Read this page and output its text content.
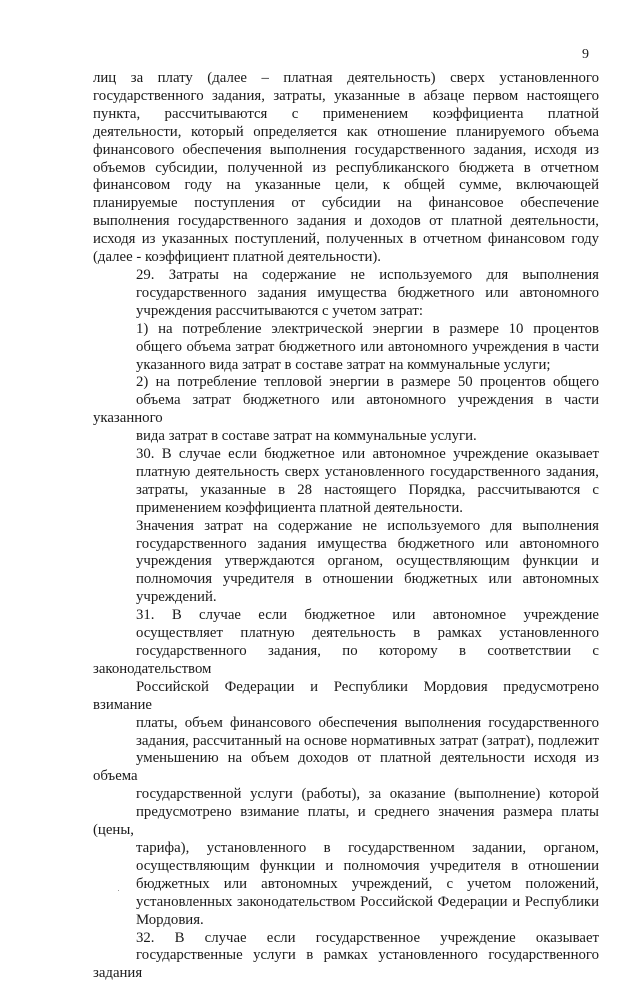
9
лиц за плату (далее – платная деятельность) сверх установленного
государственного задания, затраты, указанные в абзаце первом настоящего
пункта, рассчитываются с применением коэффициента платной
деятельности, который определяется как отношение планируемого объема
финансового обеспечения выполнения государственного задания, исходя из
объемов субсидии, полученной из республиканского бюджета в отчетном
финансовом году на указанные цели, к общей сумме, включающей
планируемые поступления от субсидии на финансовое обеспечение
выполнения государственного задания и доходов от платной деятельности,
исходя из указанных поступлений, полученных в отчетном финансовом году
(далее - коэффициент платной деятельности).
29. Затраты на содержание не используемого для выполнения
государственного задания имущества бюджетного или автономного
учреждения рассчитываются с учетом затрат:
1) на потребление электрической энергии в размере 10 процентов
общего объема затрат бюджетного или автономного учреждения в части
указанного вида затрат в составе затрат на коммунальные услуги;
2) на потребление тепловой энергии в размере 50 процентов общего
объема затрат бюджетного или автономного учреждения в части указанного
вида затрат в составе затрат на коммунальные услуги.
30. В случае если бюджетное или автономное учреждение оказывает
платную деятельность сверх установленного государственного задания,
затраты, указанные в 28 настоящего Порядка, рассчитываются с
применением коэффициента платной деятельности.
Значения затрат на содержание не используемого для выполнения
государственного задания имущества бюджетного или автономного
учреждения утверждаются органом, осуществляющим функции и
полномочия учредителя в отношении бюджетных или автономных
учреждений.
31. В случае если бюджетное или автономное учреждение
осуществляет платную деятельность в рамках установленного
государственного задания, по которому в соответствии с законодательством
Российской Федерации и Республики Мордовия предусмотрено взимание
платы, объем финансового обеспечения выполнения государственного
задания, рассчитанный на основе нормативных затрат (затрат), подлежит
уменьшению на объем доходов от платной деятельности исходя из объема
государственной услуги (работы), за оказание (выполнение) которой
предусмотрено взимание платы, и среднего значения размера платы (цены,
тарифа), установленного в государственном задании, органом,
осуществляющим функции и полномочия учредителя в отношении
бюджетных или автономных учреждений, с учетом положений,
установленных законодательством Российской Федерации и Республики
Мордовия.
32. В случае если государственное учреждение оказывает
государственные услуги в рамках установленного государственного задания
